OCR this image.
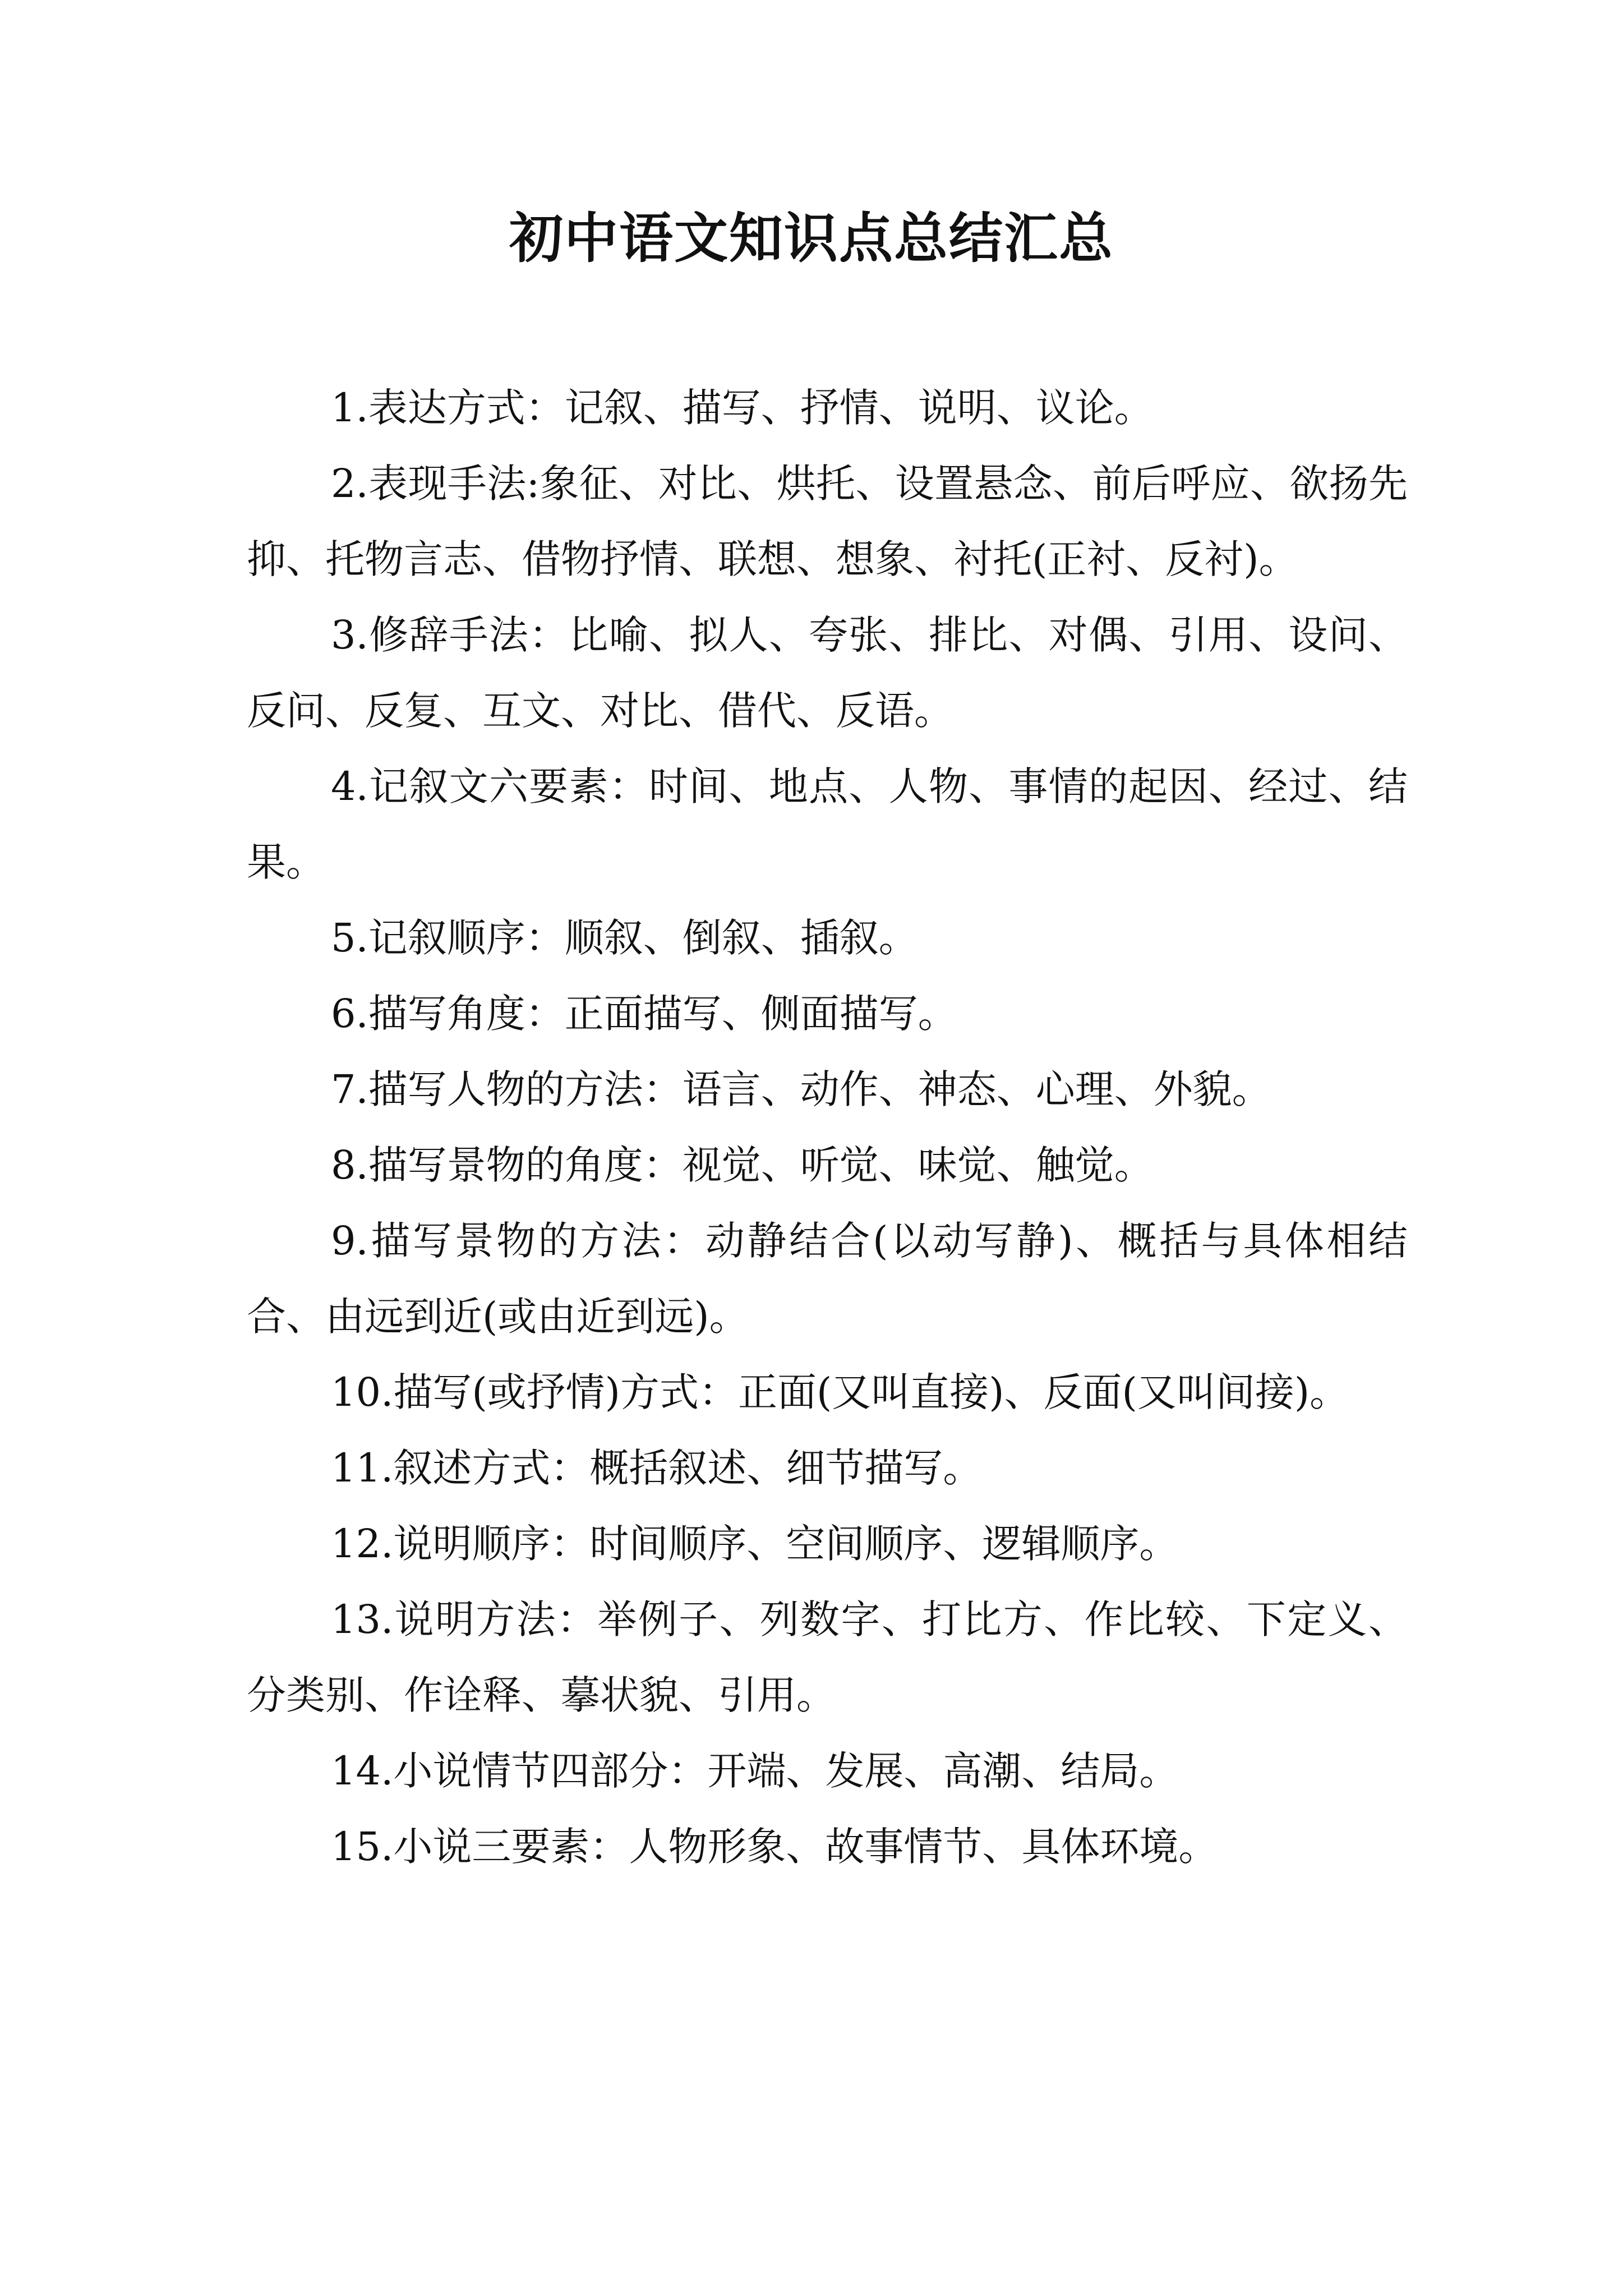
初中语文知识点总结汇总

1.表达方式：记叙、描写、抒情、说明、议论。

2.表现手法:象征、对比、烘托、设置悬念、前后呼应、欲扬先抑、托物言志、借物抒情、联想、想象、衬托(正衬、反衬)。

3.修辞手法：比喻、拟人、夸张、排比、对偶、引用、设问、反问、反复、互文、对比、借代、反语。

4.记叙文六要素：时间、地点、人物、事情的起因、经过、结果。

5.记叙顺序：顺叙、倒叙、插叙。

6.描写角度：正面描写、侧面描写。

7.描写人物的方法：语言、动作、神态、心理、外貌。

8.描写景物的角度：视觉、听觉、味觉、触觉。

9.描写景物的方法：动静结合(以动写静)、概括与具体相结合、由远到近(或由近到远)。

10.描写(或抒情)方式：正面(又叫直接)、反面(又叫间接)。

11.叙述方式：概括叙述、细节描写。

12.说明顺序：时间顺序、空间顺序、逻辑顺序。

13.说明方法：举例子、列数字、打比方、作比较、下定义、分类别、作诠释、摹状貌、引用。

14.小说情节四部分：开端、发展、高潮、结局。

15.小说三要素：人物形象、故事情节、具体环境。
